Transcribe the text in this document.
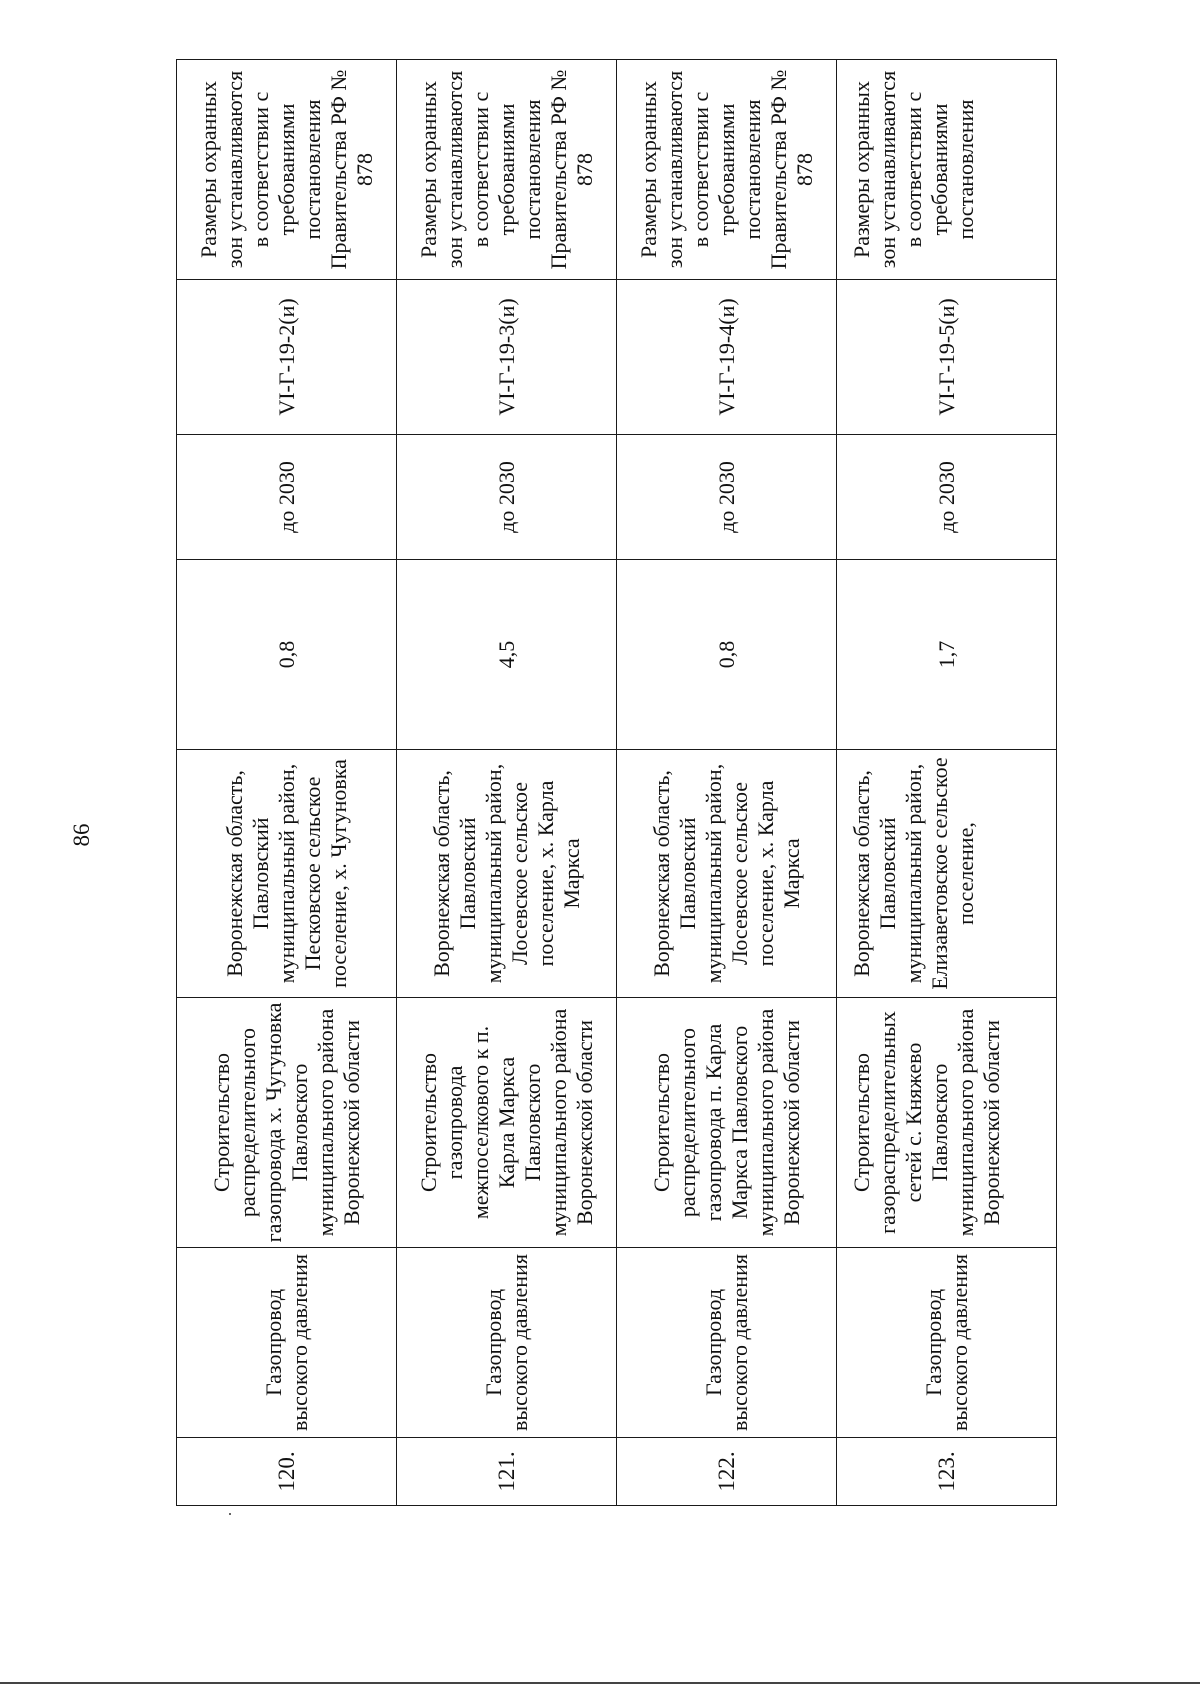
86
120.	Газопровод высокого давления	Строительство распределительного газопровода х. Чугуновка Павловского муниципального района Воронежской области	Воронежская область, Павловский муниципальный район, Песковское сельское поселение, х. Чугуновка	0,8	до 2030	VI-Г-19-2(и)	Размеры охранных зон устанавливаются в соответствии с требованиями постановления Правительства РФ № 878
121.	Газопровод высокого давления	Строительство газопровода межпоселкового к п. Карла Маркса Павловского муниципального района Воронежской области	Воронежская область, Павловский муниципальный район, Лосевское сельское поселение, х. Карла Маркса	4,5	до 2030	VI-Г-19-3(и)	Размеры охранных зон устанавливаются в соответствии с требованиями постановления Правительства РФ № 878
122.	Газопровод высокого давления	Строительство распределительного газопровода п. Карла Маркса Павловского муниципального района Воронежской области	Воронежская область, Павловский муниципальный район, Лосевское сельское поселение, х. Карла Маркса	0,8	до 2030	VI-Г-19-4(и)	Размеры охранных зон устанавливаются в соответствии с требованиями постановления Правительства РФ № 878
123.	Газопровод высокого давления	Строительство газораспределительных сетей с. Княжево Павловского муниципального района Воронежской области	Воронежская область, Павловский муниципальный район, Елизаветовское сельское поселение,	1,7	до 2030	VI-Г-19-5(и)	Размеры охранных зон устанавливаются в соответствии с требованиями постановления
